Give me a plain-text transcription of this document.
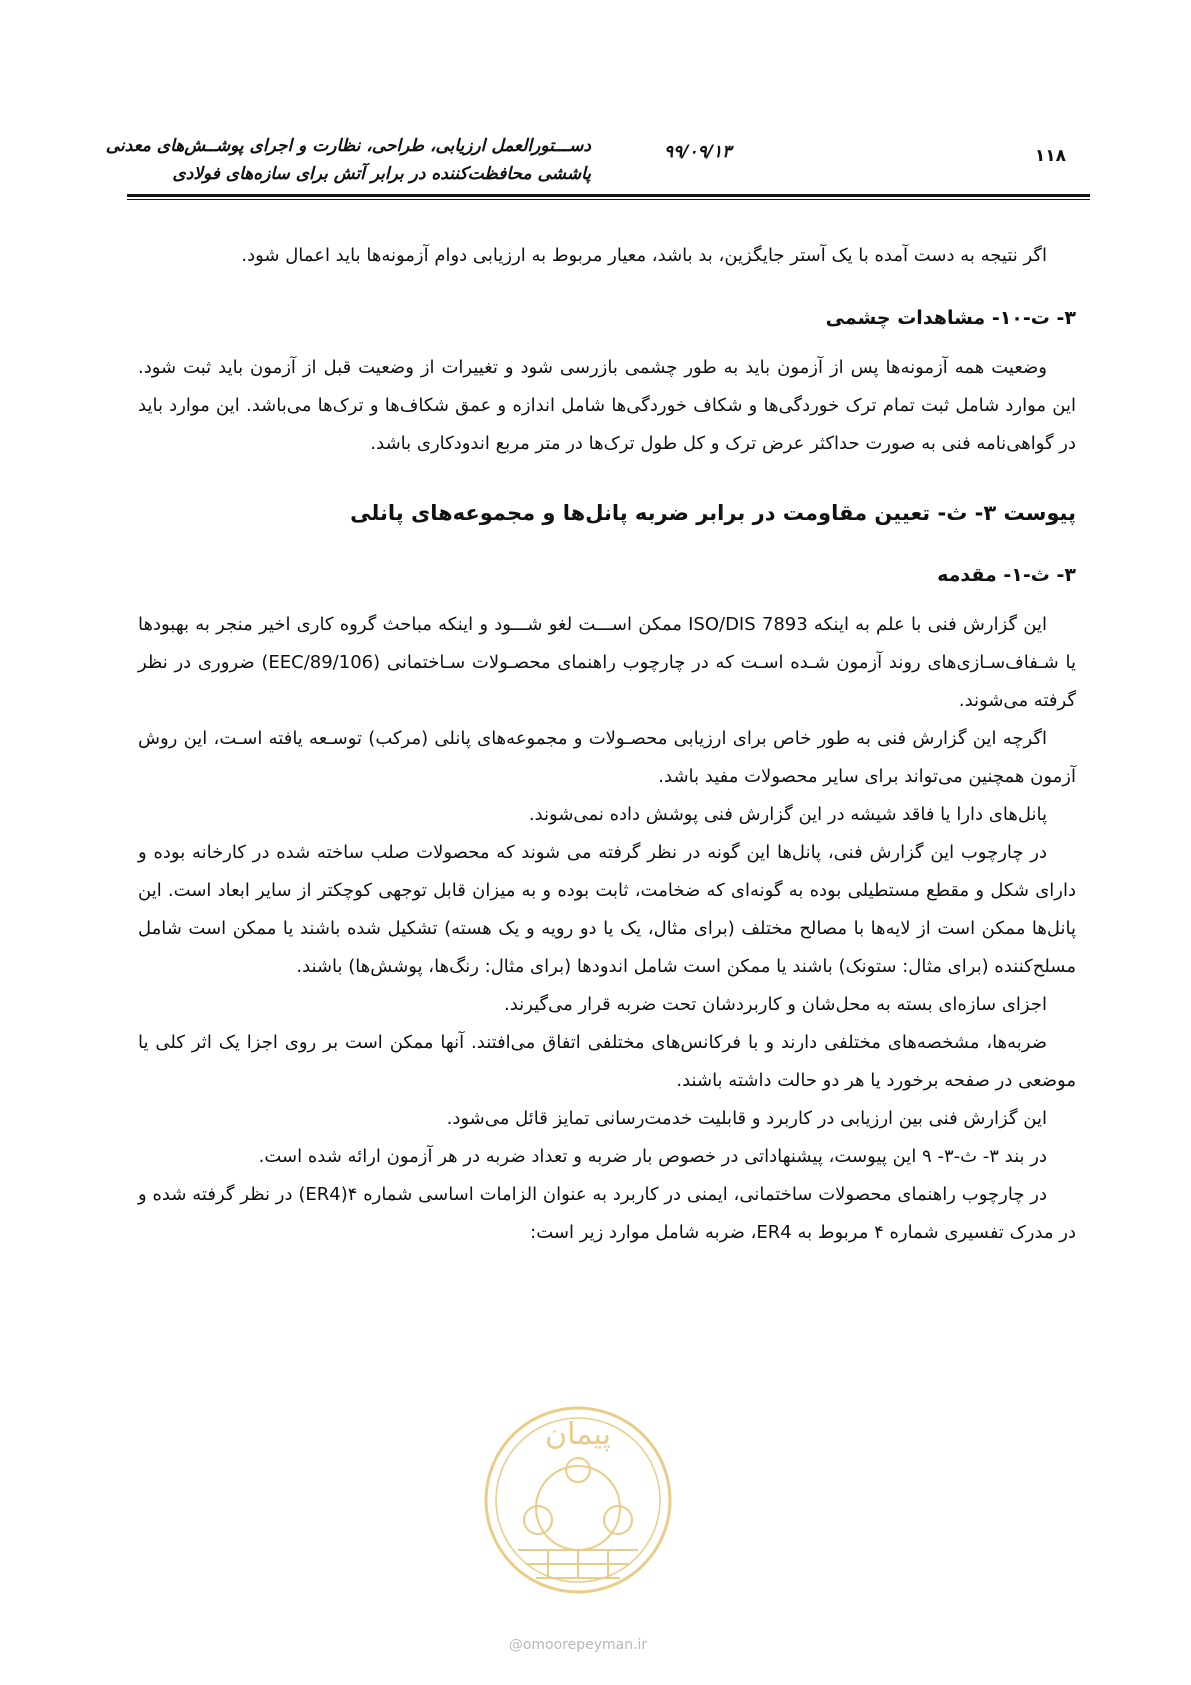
دســـتورالعمل ارزیابی، طراحی، نظارت و اجرای پوشــش‌های معدنی
پاششی محافظت‌کننده در برابر آتش برای سازه‌های فولادی
۹۹/۰۹/۱۳	۱۱۸

اگر نتیجه به دست آمده با یک آستر جایگزین، بد باشد، معیار مربوط به ارزیابی دوام آزمونه‌ها باید اعمال شود.

۳- ت-۱۰- مشاهدات چشمی

وضعیت همه آزمونه‌ها پس از آزمون باید به طور چشمی بازرسی شود و تغییرات از وضعیت قبل از آزمون باید ثبت شود. این موارد شامل ثبت تمام ترک خوردگی‌ها و شکاف خوردگی‌ها شامل اندازه و عمق شکاف‌ها و ترک‌ها می‌باشد. این موارد باید در گواهی‌نامه فنی به صورت حداکثر عرض ترک و کل طول ترک‌ها در متر مربع اندودکاری باشد.

پیوست ۳- ث- تعیین مقاومت در برابر ضربه پانل‌ها و مجموعه‌های پانلی
۳- ث-۱- مقدمه

این گزارش فنی با علم به اینکه ISO/DIS 7893 ممکن اســـت لغو شـــود و اینکه مباحث گروه کاری اخیر منجر به بهبودها یا شـفاف‌سـازی‌های روند آزمون شـده اسـت که در چارچوب راهنمای محصـولات سـاختمانی (89/106/EEC) ضروری در نظر گرفته می‌شوند.

اگرچه این گزارش فنی به طور خاص برای ارزیابی محصـولات و مجموعه‌های پانلی (مرکب) توسـعه یافته اسـت، این روش آزمون همچنین می‌تواند برای سایر محصولات مفید باشد.

پانل‌های دارا یا فاقد شیشه در این گزارش فنی پوشش داده نمی‌شوند.

در چارچوب این گزارش فنی، پانل‌ها این گونه در نظر گرفته می شوند که محصولات صلب ساخته شده در کارخانه بوده و دارای شکل و مقطع مستطیلی بوده به گونه‌ای که ضخامت، ثابت بوده و به میزان قابل توجهی کوچکتر از سایر ابعاد است. این پانل‌ها ممکن است از لایه‌ها با مصالح مختلف (برای مثال، یک یا دو رویه و یک هسته) تشکیل شده باشند یا ممکن است شامل مسلح‌کننده (برای مثال: ستونک) باشند یا ممکن است شامل اندودها (برای مثال: رنگ‌ها، پوشش‌ها) باشند.

اجزای سازه‌ای بسته به محل‌شان و کاربردشان تحت ضربه قرار می‌گیرند.

ضربه‌ها، مشخصه‌های مختلفی دارند و با فرکانس‌های مختلفی اتفاق می‌افتند. آنها ممکن است بر روی اجزا یک اثر کلی یا موضعی در صفحه برخورد یا هر دو حالت داشته باشند.

این گزارش فنی بین ارزیابی در کاربرد و قابلیت خدمت‌رسانی تمایز قائل می‌شود.

در بند ۳- ث-۳- ۹ این پیوست، پیشنهاداتی در خصوص بار ضربه و تعداد ضربه در هر آزمون ارائه شده است.

در چارچوب راهنمای محصولات ساختمانی، ایمنی در کاربرد به عنوان الزامات اساسی شماره ۴(ER4) در نظر گرفته شده و در مدرک تفسیری شماره ۴ مربوط به ER4، ضربه شامل موارد زیر است:

پیمان
@omoorepeyman.ir
